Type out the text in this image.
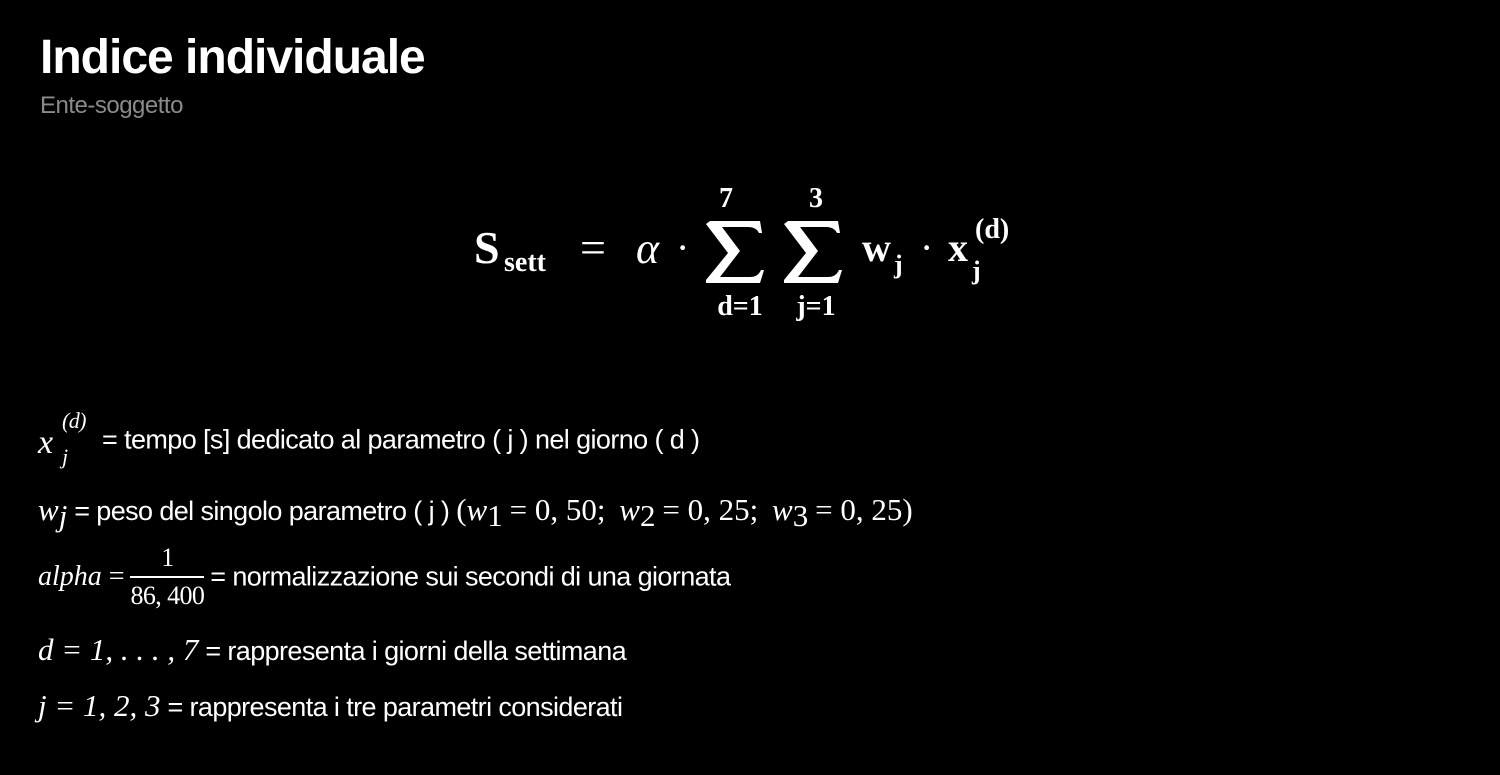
Indice individuale
Ente-soggetto
S sett = α ·
7
d=1
3
j=1
w j · x
j
(d)
x
(d)
j
= tempo [s] dedicato al parametro ( j ) nel giorno ( d )
wj = peso del singolo parametro ( j ) (w1 = 0, 50; w2 = 0, 25; w3 = 0, 25)
alpha = $\frac{1}{86, 400}$ = normalizzazione sui secondi di una giornata
d = 1, . . . , 7 = rappresenta i giorni della settimana
j = 1, 2, 3 = rappresenta i tre parametri considerati
